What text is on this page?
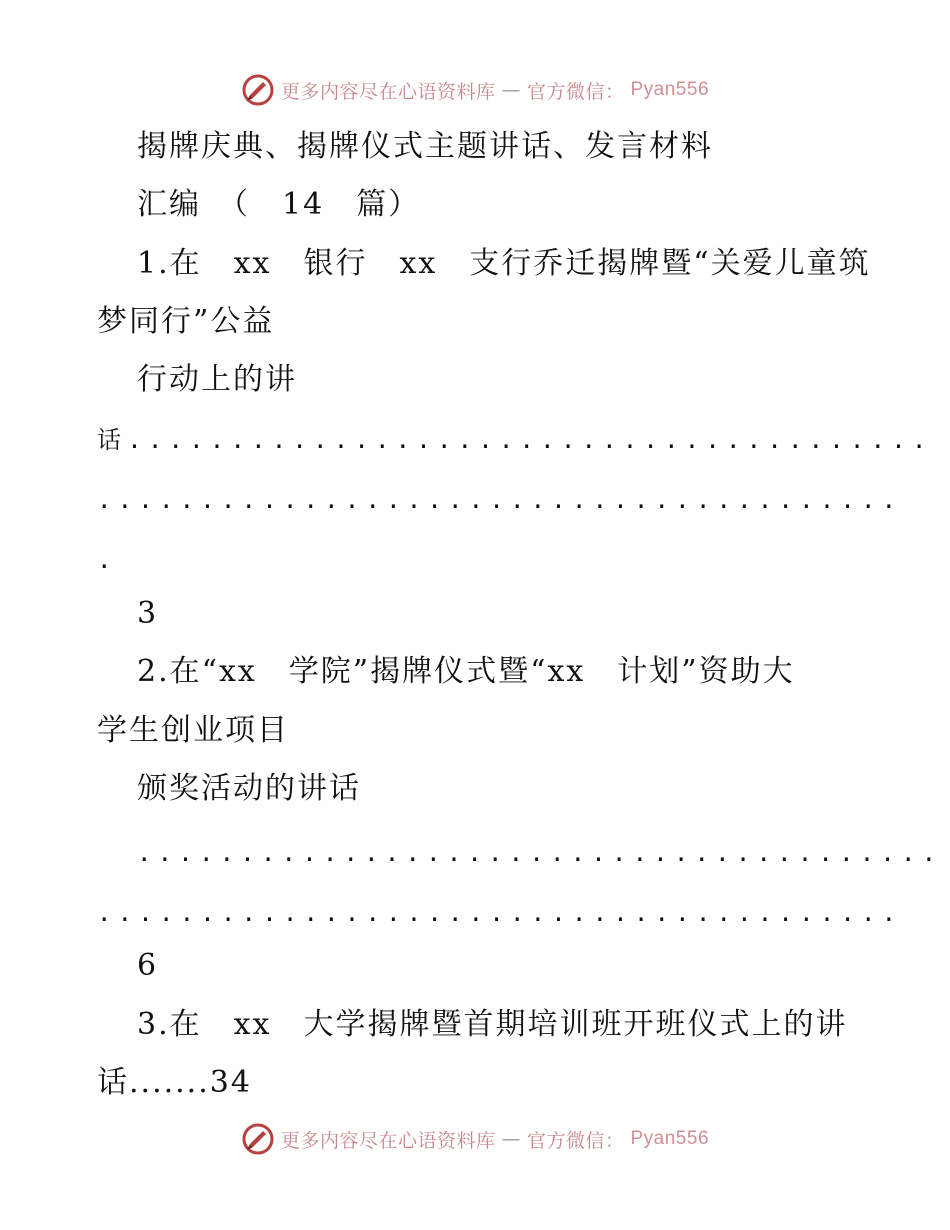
更多内容尽在心语资料库 — 官方微信： Pyan556
揭牌庆典、揭牌仪式主题讲话、发言材料
汇编　（　14　篇）
1.在　xx　银行　xx　支行乔迁揭牌暨“关爱儿童筑
梦同行”公益
行动上的讲
话.......................................
.......................................
.
3
2.在“xx　学院”揭牌仪式暨“xx　计划”资助大
学生创业项目
颁奖活动的讲话
.......................................
.......................................
6
3.在　xx　大学揭牌暨首期培训班开班仪式上的讲
话.......34
更多内容尽在心语资料库 — 官方微信： Pyan556
